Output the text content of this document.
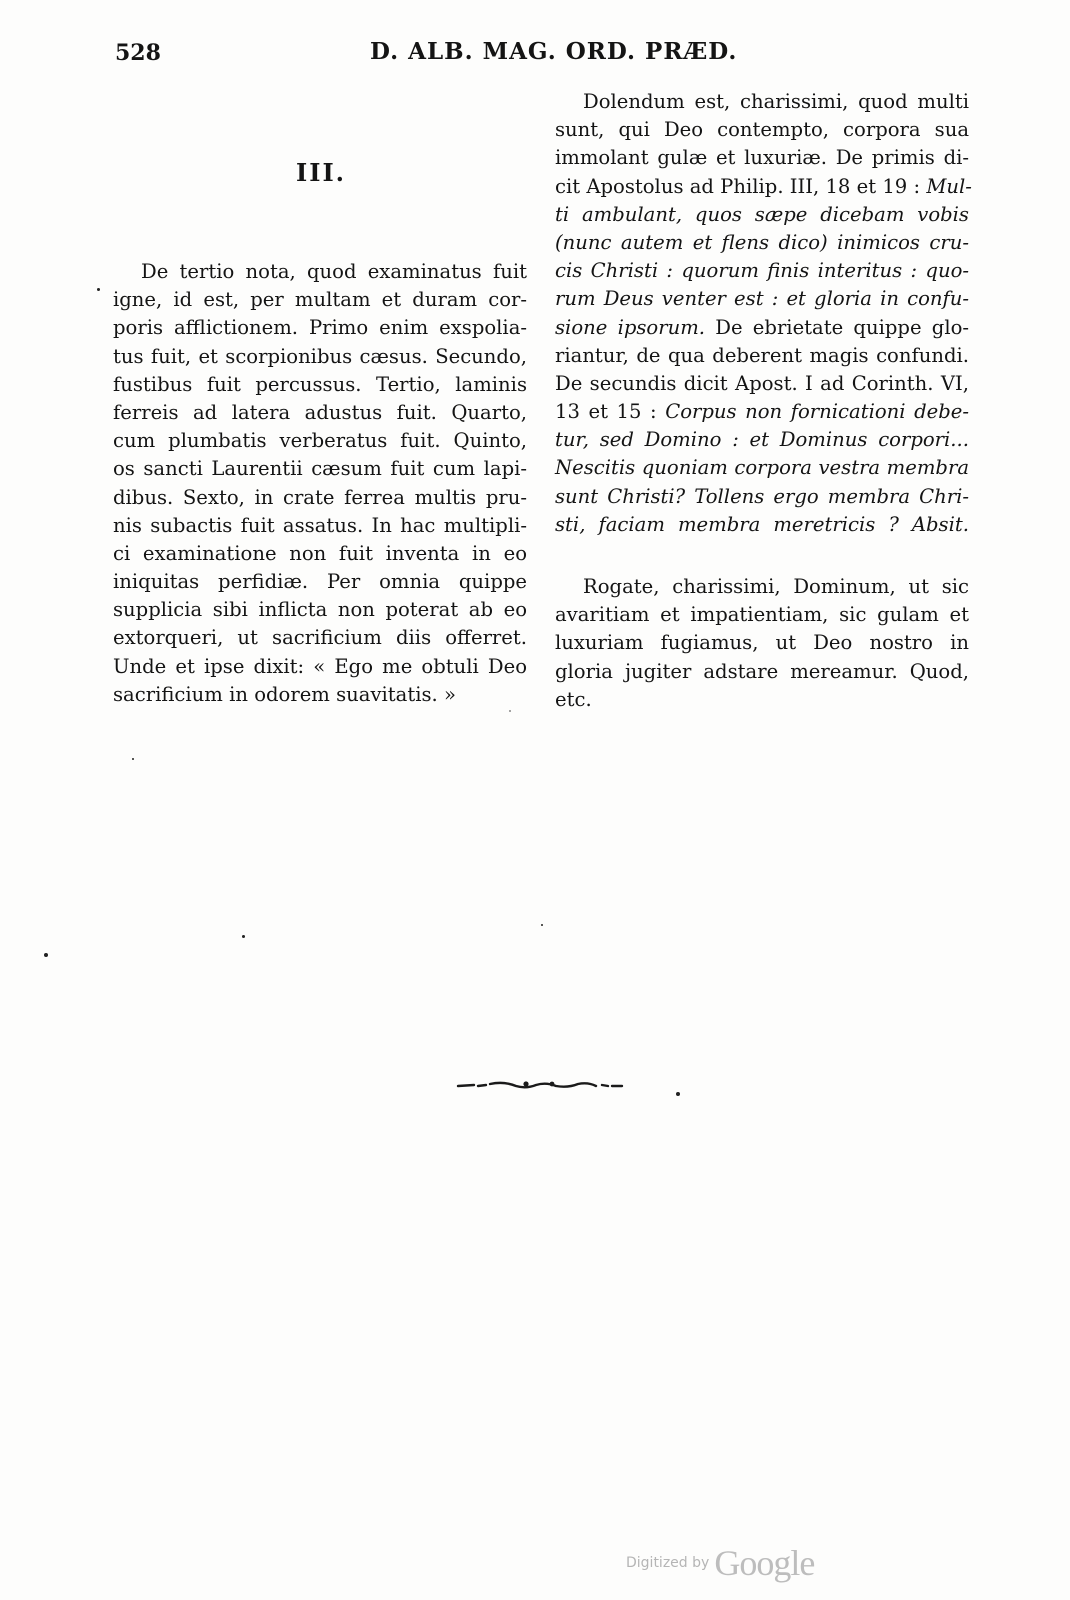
528	D. ALB. MAG. ORD. PRÆD.
III.
De tertio nota, quod examinatus fuit
igne, id est, per multam et duram cor-
poris afflictionem. Primo enim exspolia-
tus fuit, et scorpionibus cæsus. Secundo,
fustibus fuit percussus. Tertio, laminis
ferreis ad latera adustus fuit. Quarto,
cum plumbatis verberatus fuit. Quinto,
os sancti Laurentii cæsum fuit cum lapi-
dibus. Sexto, in crate ferrea multis pru-
nis subactis fuit assatus. In hac multipli-
ci examinatione non fuit inventa in eo
iniquitas perfidiæ. Per omnia quippe
supplicia sibi inflicta non poterat ab eo
extorqueri, ut sacrificium diis offerret.
Unde et ipse dixit: « Ego me obtuli Deo
sacrificium in odorem suavitatis. »
Dolendum est, charissimi, quod multi
sunt, qui Deo contempto, corpora sua
immolant gulæ et luxuriæ. De primis di-
cit Apostolus ad Philip. III, 18 et 19 : Mul-
ti ambulant, quos sæpe dicebam vobis
(nunc autem et flens dico) inimicos cru-
cis Christi : quorum finis interitus : quo-
rum Deus venter est : et gloria in confu-
sione ipsorum. De ebrietate quippe glo-
riantur, de qua deberent magis confundi.
De secundis dicit Apost. I ad Corinth. VI,
13 et 15 : Corpus non fornicationi debe-
tur, sed Domino : et Dominus corpori...
Nescitis quoniam corpora vestra membra
sunt Christi? Tollens ergo membra Chri-
sti, faciam membra meretricis ? Absit.
Rogate, charissimi, Dominum, ut sic
avaritiam et impatientiam, sic gulam et
luxuriam fugiamus, ut Deo nostro in
gloria jugiter adstare mereamur. Quod,
etc.
Digitized by Google
